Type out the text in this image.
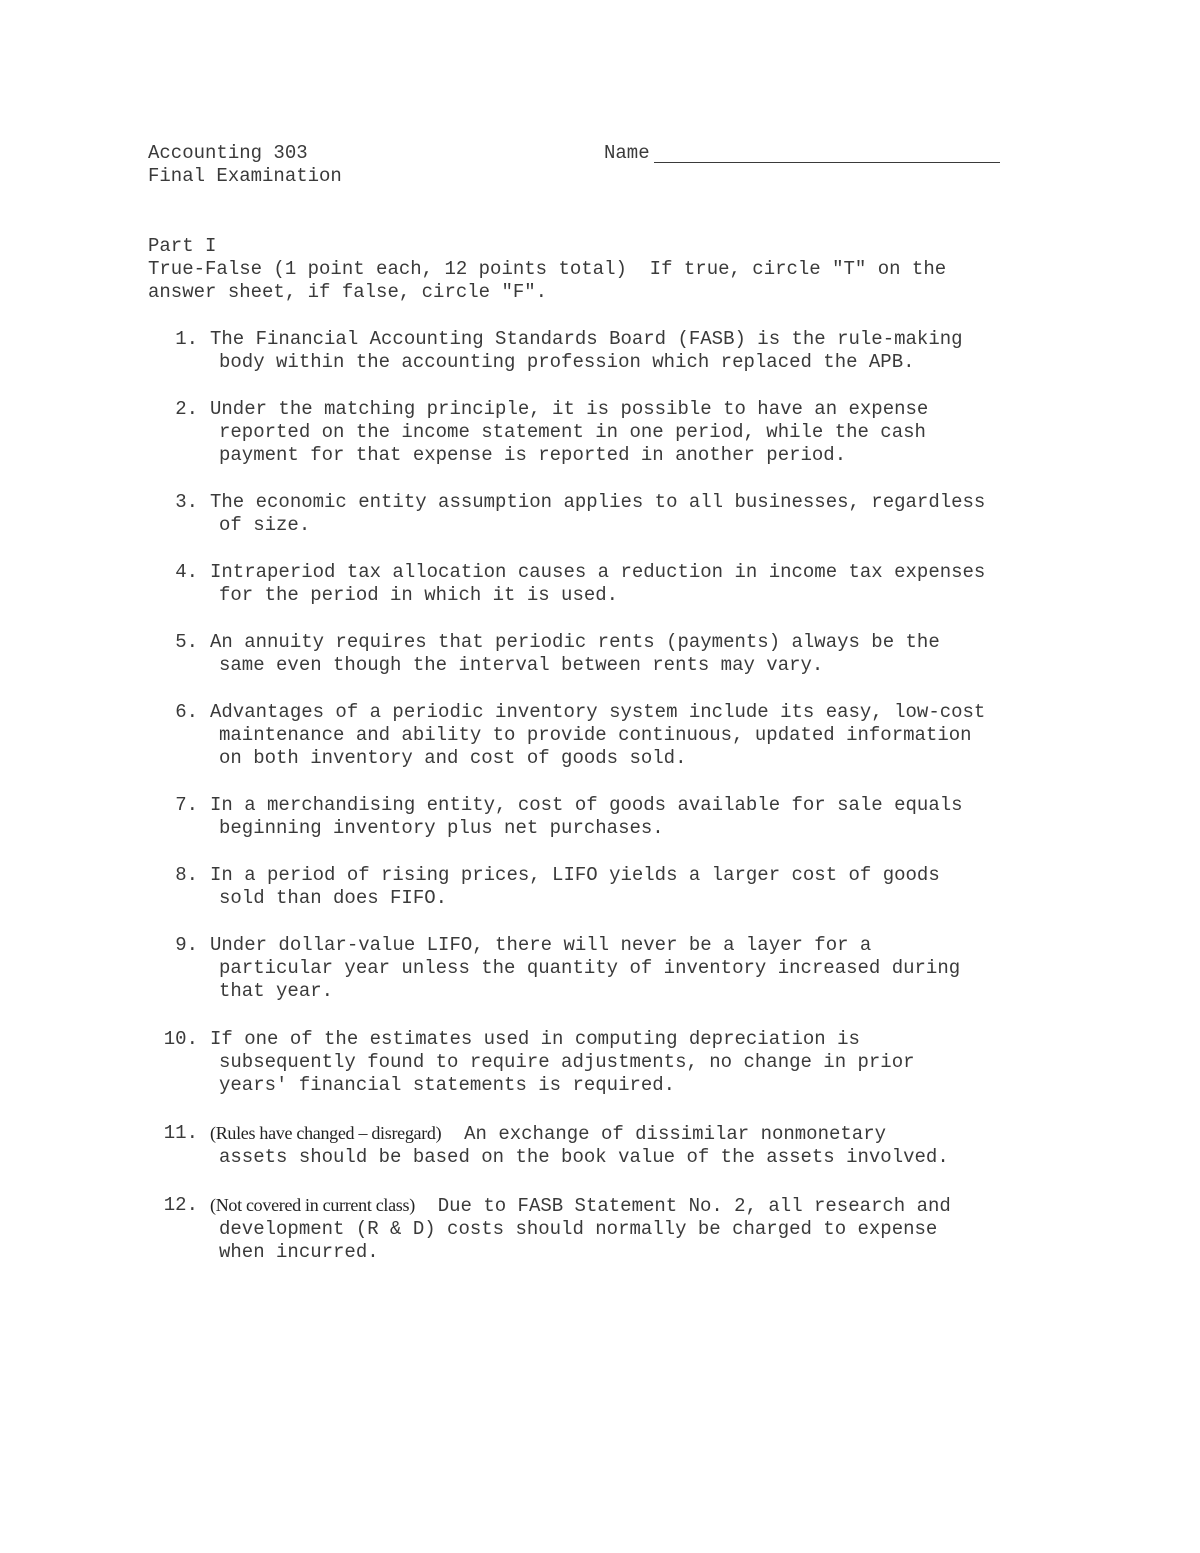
Accounting 303
Final Examination
Name
Part I
True-False (1 point each, 12 points total)  If true, circle "T" on the
answer sheet, if false, circle "F".
1. The Financial Accounting Standards Board (FASB) is the rule-making
body within the accounting profession which replaced the APB.
2. Under the matching principle, it is possible to have an expense
reported on the income statement in one period, while the cash
payment for that expense is reported in another period.
3. The economic entity assumption applies to all businesses, regardless
of size.
4. Intraperiod tax allocation causes a reduction in income tax expenses
for the period in which it is used.
5. An annuity requires that periodic rents (payments) always be the
same even though the interval between rents may vary.
6. Advantages of a periodic inventory system include its easy, low-cost
maintenance and ability to provide continuous, updated information
on both inventory and cost of goods sold.
7. In a merchandising entity, cost of goods available for sale equals
beginning inventory plus net purchases.
8. In a period of rising prices, LIFO yields a larger cost of goods
sold than does FIFO.
9. Under dollar-value LIFO, there will never be a layer for a
particular year unless the quantity of inventory increased during
that year.
10. If one of the estimates used in computing depreciation is
subsequently found to require adjustments, no change in prior
years' financial statements is required.
11. (Rules have changed – disregard) An exchange of dissimilar nonmonetary
assets should be based on the book value of the assets involved.
12. (Not covered in current class) Due to FASB Statement No. 2, all research and
development (R & D) costs should normally be charged to expense
when incurred.
